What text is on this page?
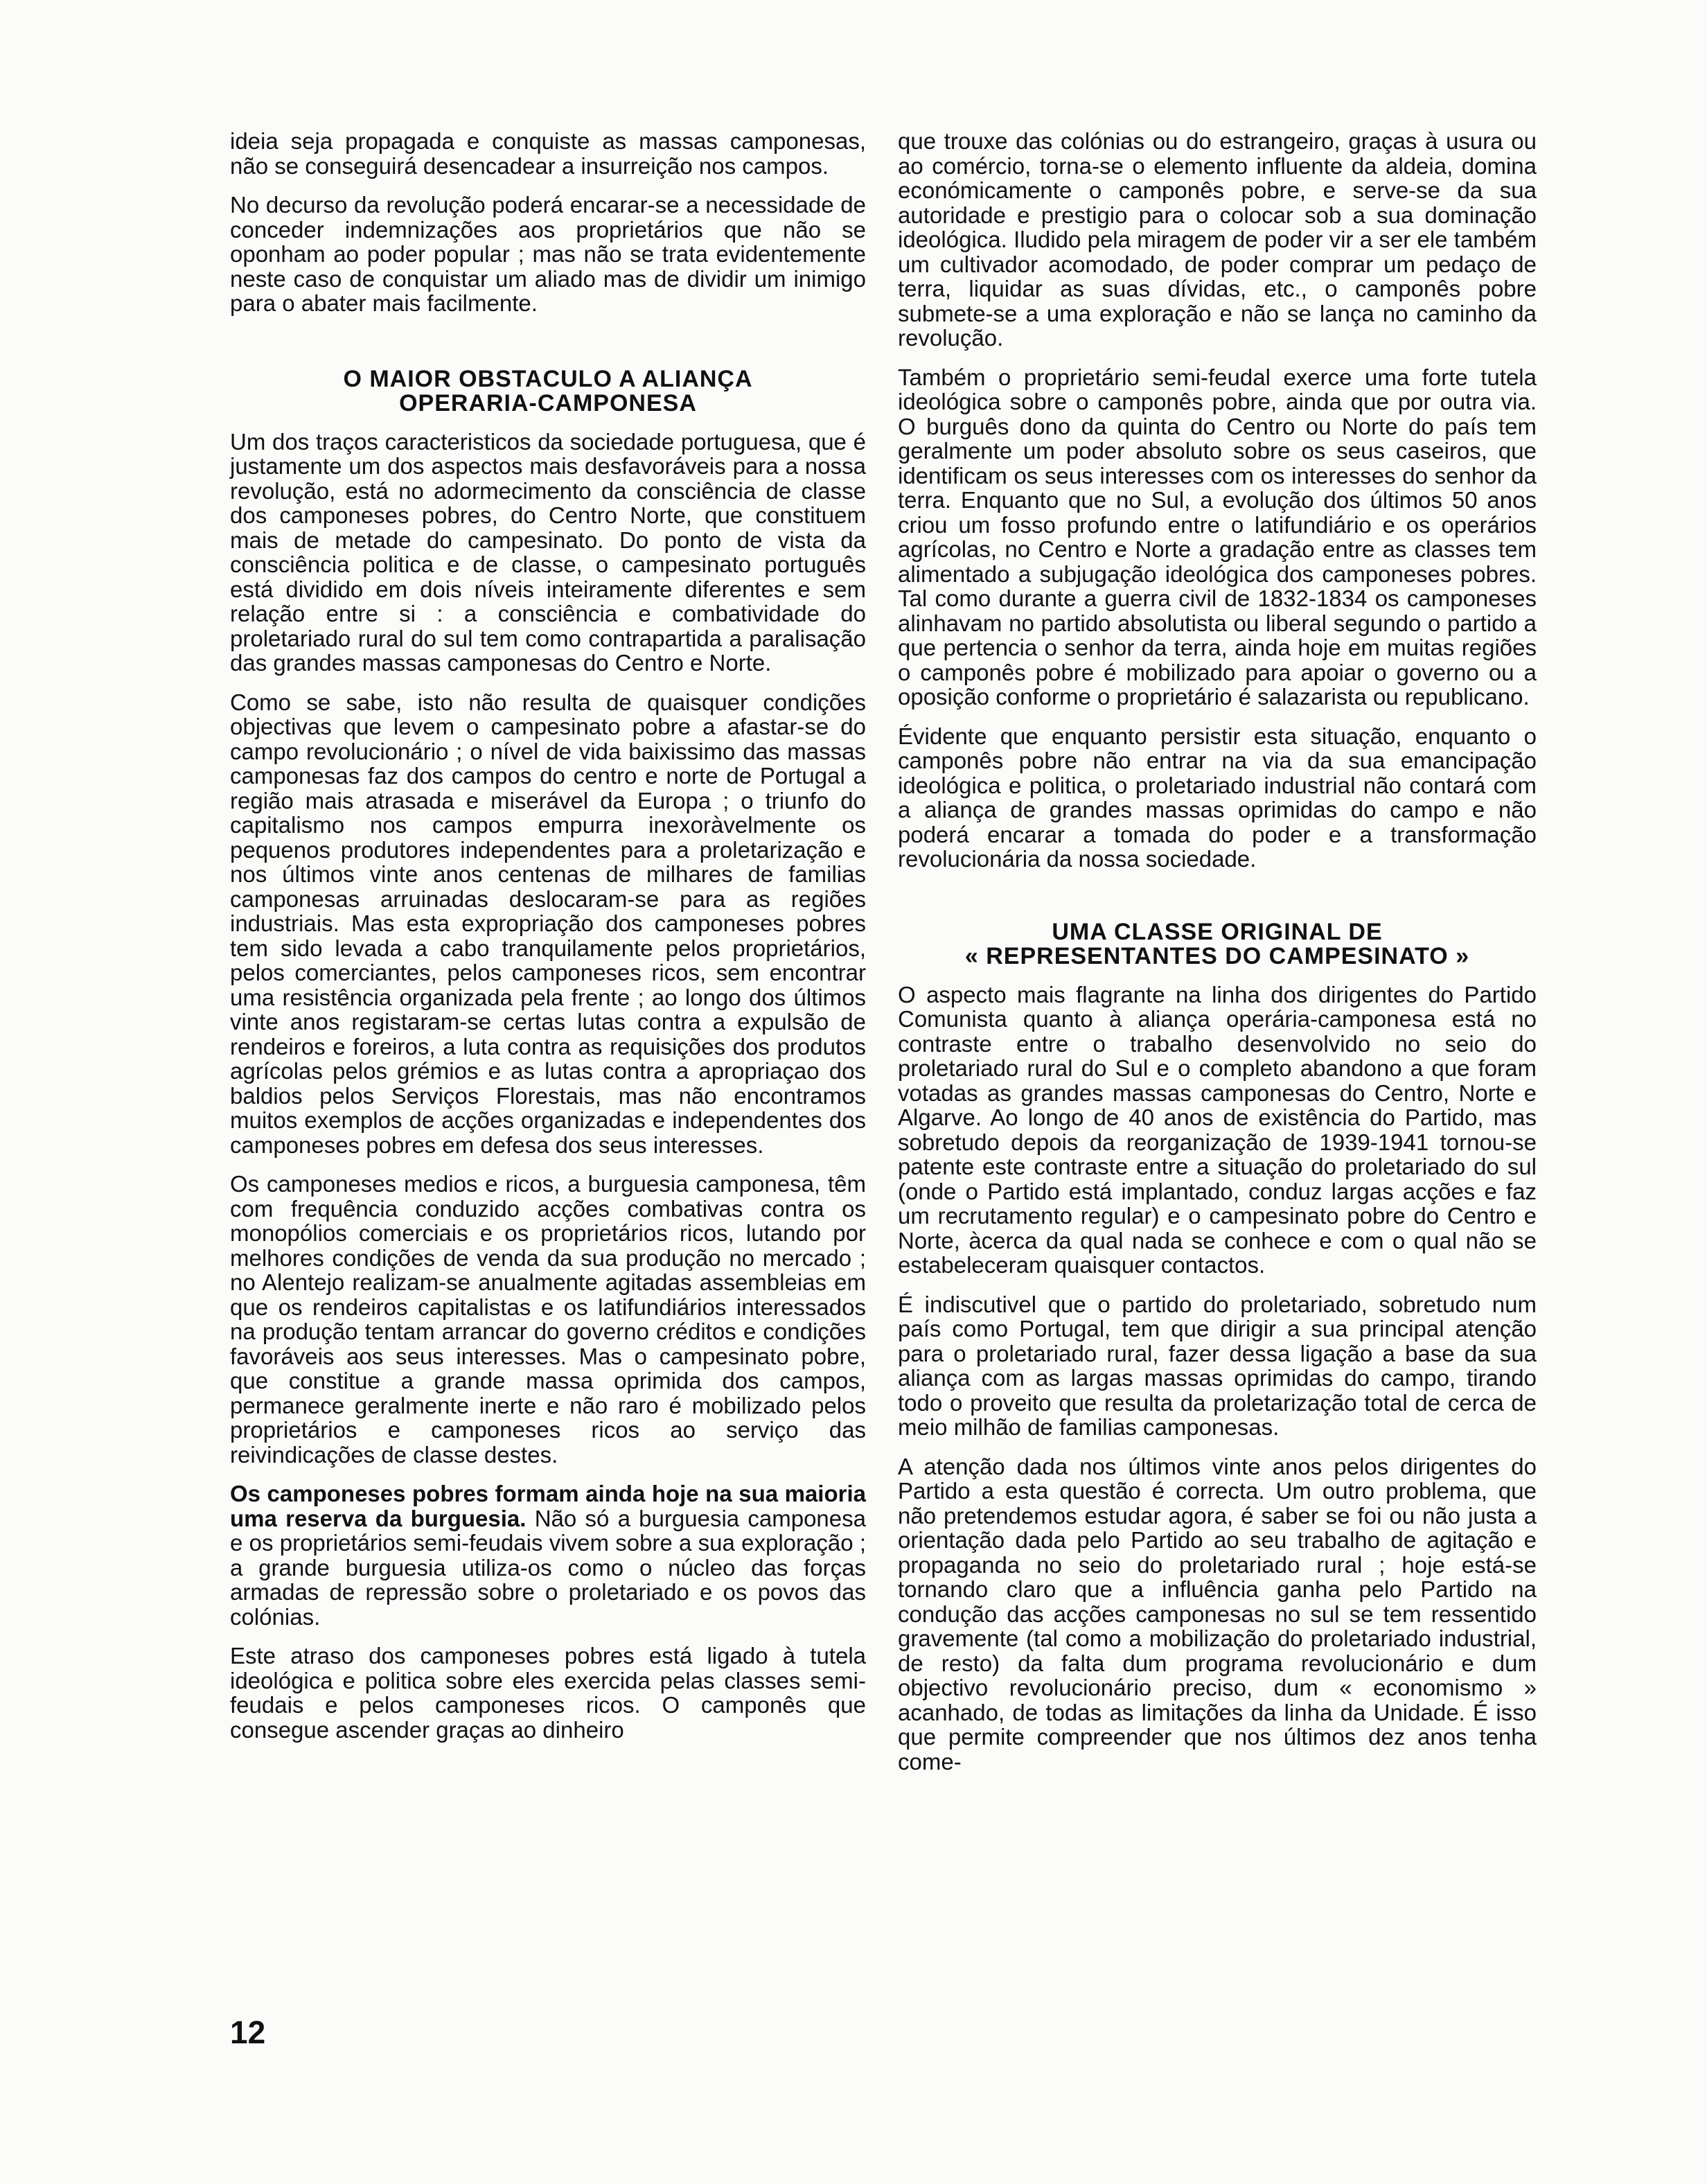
ideia seja propagada e conquiste as massas camponesas, não se conseguirá desencadear a insurreição nos campos.

No decurso da revolução poderá encarar-se a necessidade de conceder indemnizações aos proprietários que não se oponham ao poder popular ; mas não se trata evidentemente neste caso de conquistar um aliado mas de dividir um inimigo para o abater mais facilmente.

O MAIOR OBSTACULO A ALIANÇA
OPERARIA-CAMPONESA

Um dos traços caracteristicos da sociedade portuguesa, que é justamente um dos aspectos mais desfavoráveis para a nossa revolução, está no adormecimento da consciência de classe dos camponeses pobres, do Centro Norte, que constituem mais de metade do campesinato. Do ponto de vista da consciência politica e de classe, o campesinato português está dividido em dois níveis inteiramente diferentes e sem relação entre si : a consciência e combatividade do proletariado rural do sul tem como contrapartida a paralisação das grandes massas camponesas do Centro e Norte.

Como se sabe, isto não resulta de quaisquer condições objectivas que levem o campesinato pobre a afastar-se do campo revolucionário ; o nível de vida baixissimo das massas camponesas faz dos campos do centro e norte de Portugal a região mais atrasada e miserável da Europa ; o triunfo do capitalismo nos campos empurra inexoràvelmente os pequenos produtores independentes para a proletarização e nos últimos vinte anos centenas de milhares de familias camponesas arruinadas deslocaram-se para as regiões industriais. Mas esta expropriação dos camponeses pobres tem sido levada a cabo tranquilamente pelos proprietários, pelos comerciantes, pelos camponeses ricos, sem encontrar uma resistência organizada pela frente ; ao longo dos últimos vinte anos registaram-se certas lutas contra a expulsão de rendeiros e foreiros, a luta contra as requisições dos produtos agrícolas pelos grémios e as lutas contra a apropriaçao dos baldios pelos Serviços Florestais, mas não encontramos muitos exemplos de acções organizadas e independentes dos camponeses pobres em defesa dos seus interesses.

Os camponeses medios e ricos, a burguesia camponesa, têm com frequência conduzido acções combativas contra os monopólios comerciais e os proprietários ricos, lutando por melhores condições de venda da sua produção no mercado ; no Alentejo realizam-se anualmente agitadas assembleias em que os rendeiros capitalistas e os latifundiários interessados na produção tentam arrancar do governo créditos e condições favoráveis aos seus interesses. Mas o campesinato pobre, que constitue a grande massa oprimida dos campos, permanece geralmente inerte e não raro é mobilizado pelos proprietários e camponeses ricos ao serviço das reivindicações de classe destes.

Os camponeses pobres formam ainda hoje na sua maioria uma reserva da burguesia. Não só a burguesia camponesa e os proprietários semi-feudais vivem sobre a sua exploração ; a grande burguesia utiliza-os como o núcleo das forças armadas de repressão sobre o proletariado e os povos das colónias.

Este atraso dos camponeses pobres está ligado à tutela ideológica e politica sobre eles exercida pelas classes semi-feudais e pelos camponeses ricos. O camponês que consegue ascender graças ao dinheiro

que trouxe das colónias ou do estrangeiro, graças à usura ou ao comércio, torna-se o elemento influente da aldeia, domina económicamente o camponês pobre, e serve-se da sua autoridade e prestigio para o colocar sob a sua dominação ideológica. Iludido pela miragem de poder vir a ser ele também um cultivador acomodado, de poder comprar um pedaço de terra, liquidar as suas dívidas, etc., o camponês pobre submete-se a uma exploração e não se lança no caminho da revolução.

Também o proprietário semi-feudal exerce uma forte tutela ideológica sobre o camponês pobre, ainda que por outra via. O burguês dono da quinta do Centro ou Norte do país tem geralmente um poder absoluto sobre os seus caseiros, que identificam os seus interesses com os interesses do senhor da terra. Enquanto que no Sul, a evolução dos últimos 50 anos criou um fosso profundo entre o latifundiário e os operários agrícolas, no Centro e Norte a gradação entre as classes tem alimentado a subjugação ideológica dos camponeses pobres. Tal como durante a guerra civil de 1832-1834 os camponeses alinhavam no partido absolutista ou liberal segundo o partido a que pertencia o senhor da terra, ainda hoje em muitas regiões o camponês pobre é mobilizado para apoiar o governo ou a oposição conforme o proprietário é salazarista ou republicano.

Évidente que enquanto persistir esta situação, enquanto o camponês pobre não entrar na via da sua emancipação ideológica e politica, o proletariado industrial não contará com a aliança de grandes massas oprimidas do campo e não poderá encarar a tomada do poder e a transformação revolucionária da nossa sociedade.

UMA CLASSE ORIGINAL DE
« REPRESENTANTES DO CAMPESINATO »

O aspecto mais flagrante na linha dos dirigentes do Partido Comunista quanto à aliança operária-camponesa está no contraste entre o trabalho desenvolvido no seio do proletariado rural do Sul e o completo abandono a que foram votadas as grandes massas camponesas do Centro, Norte e Algarve. Ao longo de 40 anos de existência do Partido, mas sobretudo depois da reorganização de 1939-1941 tornou-se patente este contraste entre a situação do proletariado do sul (onde o Partido está implantado, conduz largas acções e faz um recrutamento regular) e o campesinato pobre do Centro e Norte, àcerca da qual nada se conhece e com o qual não se estabeleceram quaisquer contactos.

É indiscutivel que o partido do proletariado, sobretudo num país como Portugal, tem que dirigir a sua principal atenção para o proletariado rural, fazer dessa ligação a base da sua aliança com as largas massas oprimidas do campo, tirando todo o proveito que resulta da proletarização total de cerca de meio milhão de familias camponesas.

A atenção dada nos últimos vinte anos pelos dirigentes do Partido a esta questão é correcta. Um outro problema, que não pretendemos estudar agora, é saber se foi ou não justa a orientação dada pelo Partido ao seu trabalho de agitação e propaganda no seio do proletariado rural ; hoje está-se tornando claro que a influência ganha pelo Partido na condução das acções camponesas no sul se tem ressentido gravemente (tal como a mobilização do proletariado industrial, de resto) da falta dum programa revolucionário e dum objectivo revolucionário preciso, dum « economismo » acanhado, de todas as limitações da linha da Unidade. É isso que permite compreender que nos últimos dez anos tenha come-

12
